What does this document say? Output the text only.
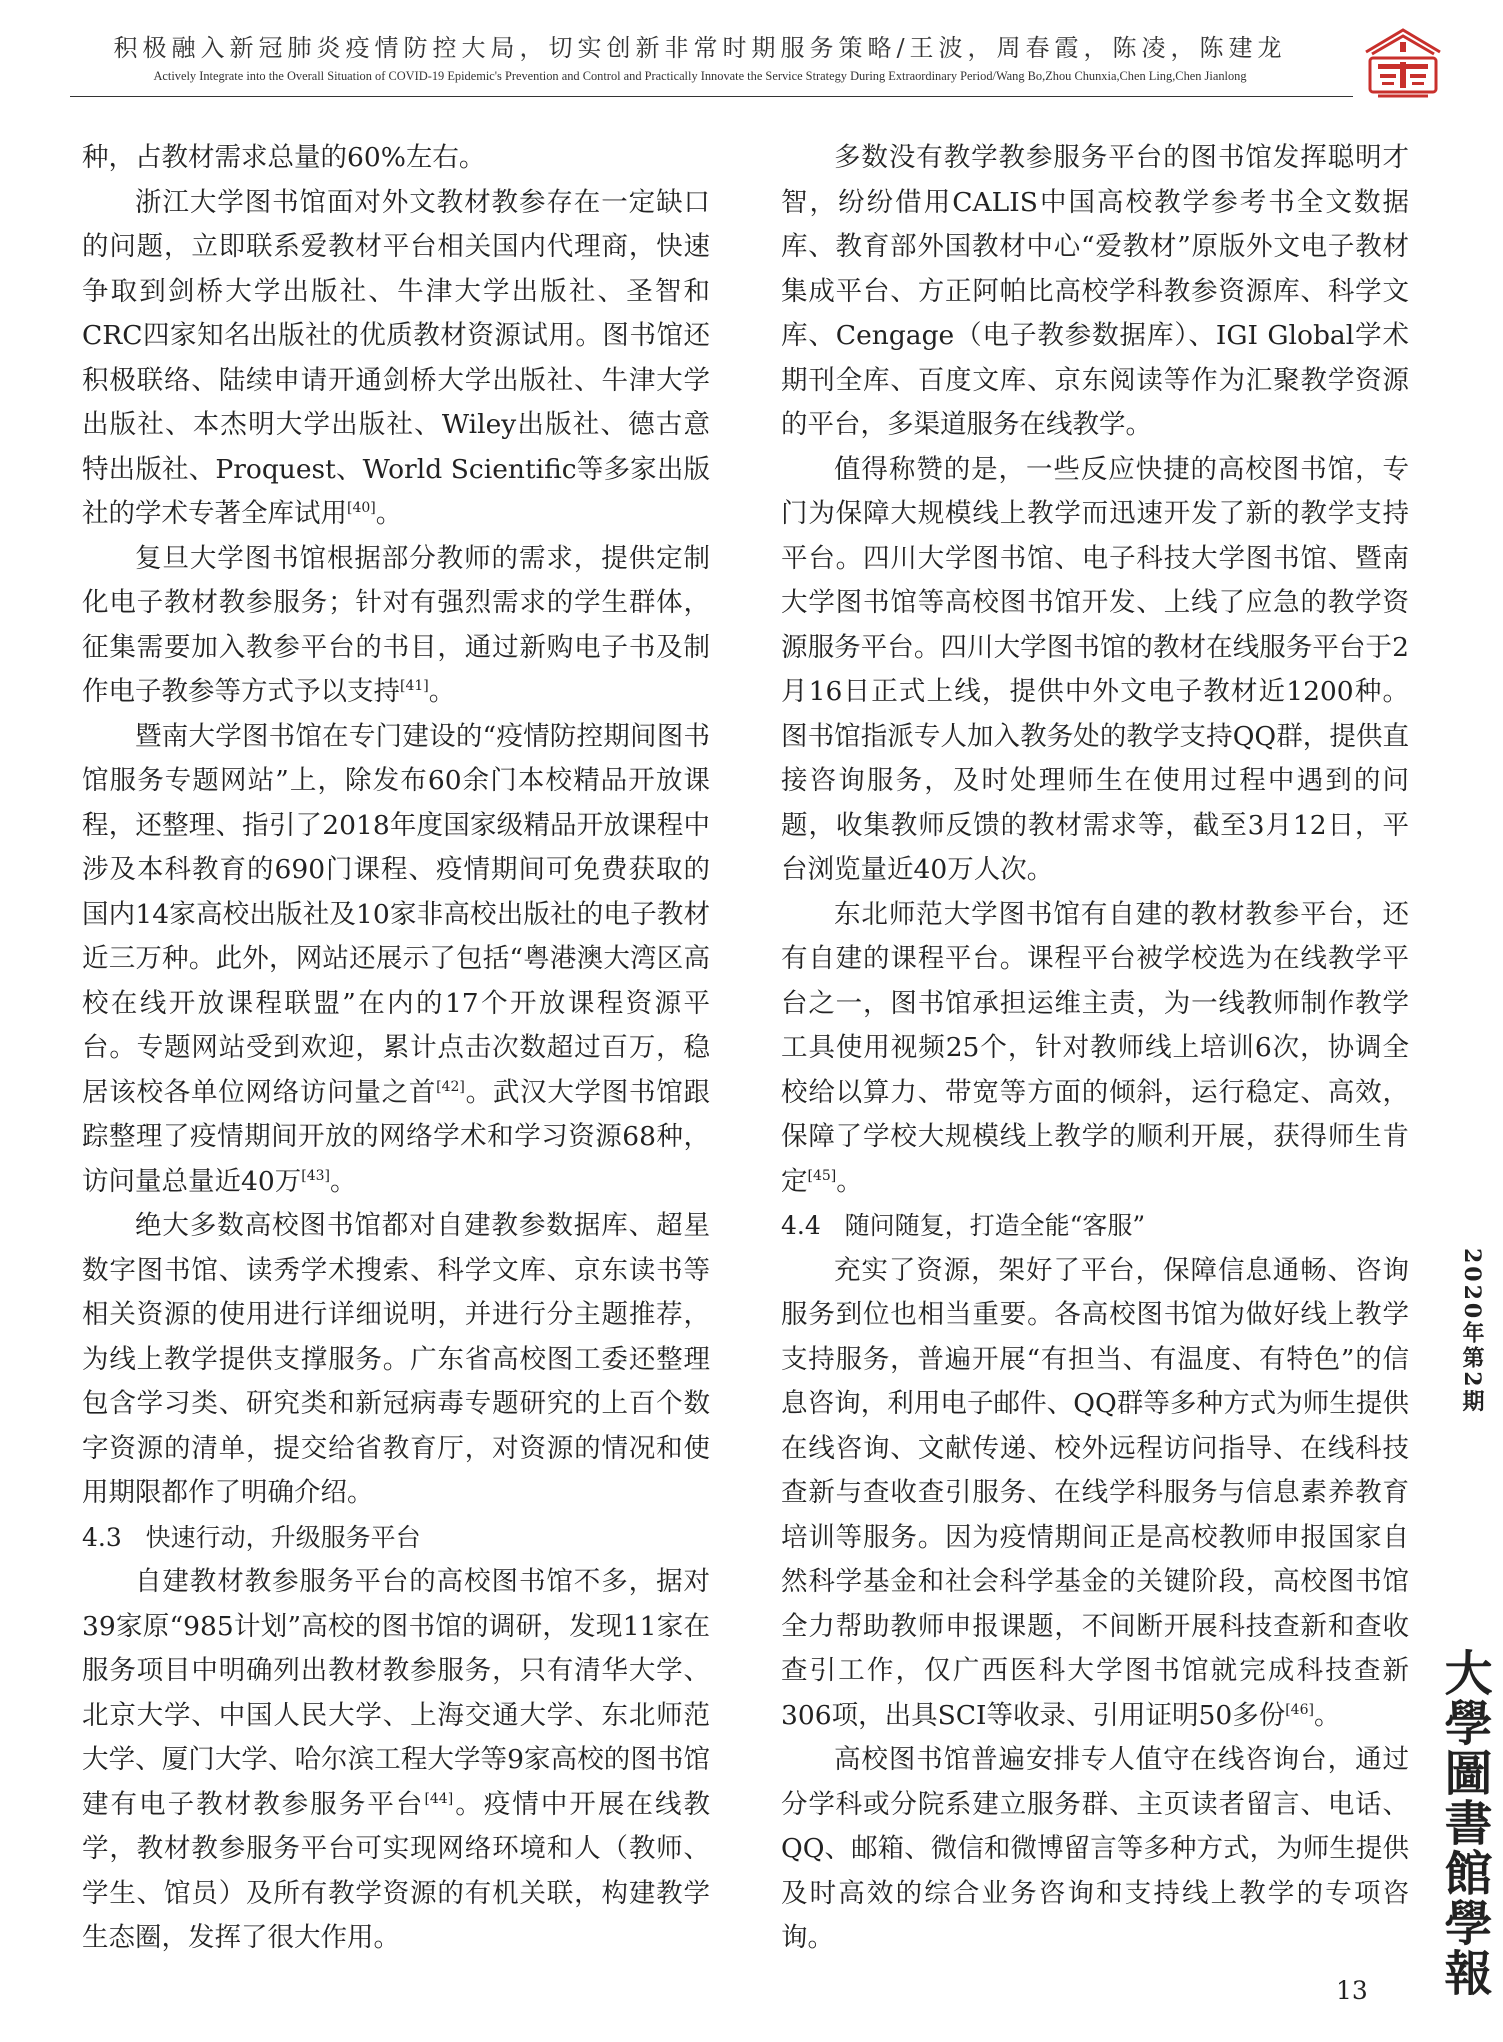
积极融入新冠肺炎疫情防控大局，切实创新非常时期服务策略/王波，周春霞，陈凌，陈建龙
Actively Integrate into the Overall Situation of COVID-19 Epidemic's Prevention and Control and Practically Innovate the Service Strategy During Extraordinary Period/Wang Bo,Zhou Chunxia,Chen Ling,Chen Jianlong

种，占教材需求总量的60%左右。

浙江大学图书馆面对外文教材教参存在一定缺口的问题，立即联系爱教材平台相关国内代理商，快速争取到剑桥大学出版社、牛津大学出版社、圣智和CRC四家知名出版社的优质教材资源试用。图书馆还积极联络、陆续申请开通剑桥大学出版社、牛津大学出版社、本杰明大学出版社、Wiley出版社、德古意特出版社、Proquest、World Scientific等多家出版社的学术专著全库试用[40]。

复旦大学图书馆根据部分教师的需求，提供定制化电子教材教参服务；针对有强烈需求的学生群体，征集需要加入教参平台的书目，通过新购电子书及制作电子教参等方式予以支持[41]。

暨南大学图书馆在专门建设的“疫情防控期间图书馆服务专题网站”上，除发布60余门本校精品开放课程，还整理、指引了2018年度国家级精品开放课程中涉及本科教育的690门课程、疫情期间可免费获取的国内14家高校出版社及10家非高校出版社的电子教材近三万种。此外，网站还展示了包括“粤港澳大湾区高校在线开放课程联盟”在内的17个开放课程资源平台。专题网站受到欢迎，累计点击次数超过百万，稳居该校各单位网络访问量之首[42]。武汉大学图书馆跟踪整理了疫情期间开放的网络学术和学习资源68种，访问量总量近40万[43]。

绝大多数高校图书馆都对自建教参数据库、超星数字图书馆、读秀学术搜索、科学文库、京东读书等相关资源的使用进行详细说明，并进行分主题推荐，为线上教学提供支撑服务。广东省高校图工委还整理包含学习类、研究类和新冠病毒专题研究的上百个数字资源的清单，提交给省教育厅，对资源的情况和使用期限都作了明确介绍。

4.3 快速行动，升级服务平台

自建教材教参服务平台的高校图书馆不多，据对39家原“985计划”高校的图书馆的调研，发现11家在服务项目中明确列出教材教参服务，只有清华大学、北京大学、中国人民大学、上海交通大学、东北师范大学、厦门大学、哈尔滨工程大学等9家高校的图书馆建有电子教材教参服务平台[44]。疫情中开展在线教学，教材教参服务平台可实现网络环境和人（教师、学生、馆员）及所有教学资源的有机关联，构建教学生态圈，发挥了很大作用。

多数没有教学教参服务平台的图书馆发挥聪明才智，纷纷借用CALIS中国高校教学参考书全文数据库、教育部外国教材中心“爱教材”原版外文电子教材集成平台、方正阿帕比高校学科教参资源库、科学文库、Cengage（电子教参数据库）、IGI Global学术期刊全库、百度文库、京东阅读等作为汇聚教学资源的平台，多渠道服务在线教学。

值得称赞的是，一些反应快捷的高校图书馆，专门为保障大规模线上教学而迅速开发了新的教学支持平台。四川大学图书馆、电子科技大学图书馆、暨南大学图书馆等高校图书馆开发、上线了应急的教学资源服务平台。四川大学图书馆的教材在线服务平台于2月16日正式上线，提供中外文电子教材近1200种。图书馆指派专人加入教务处的教学支持QQ群，提供直接咨询服务，及时处理师生在使用过程中遇到的问题，收集教师反馈的教材需求等，截至3月12日，平台浏览量近40万人次。

东北师范大学图书馆有自建的教材教参平台，还有自建的课程平台。课程平台被学校选为在线教学平台之一，图书馆承担运维主责，为一线教师制作教学工具使用视频25个，针对教师线上培训6次，协调全校给以算力、带宽等方面的倾斜，运行稳定、高效，保障了学校大规模线上教学的顺利开展，获得师生肯定[45]。

4.4 随问随复，打造全能“客服”

充实了资源，架好了平台，保障信息通畅、咨询服务到位也相当重要。各高校图书馆为做好线上教学支持服务，普遍开展“有担当、有温度、有特色”的信息咨询，利用电子邮件、QQ群等多种方式为师生提供在线咨询、文献传递、校外远程访问指导、在线科技查新与查收查引服务、在线学科服务与信息素养教育培训等服务。因为疫情期间正是高校教师申报国家自然科学基金和社会科学基金的关键阶段，高校图书馆全力帮助教师申报课题，不间断开展科技查新和查收查引工作，仅广西医科大学图书馆就完成科技查新306项，出具SCI等收录、引用证明50多份[46]。

高校图书馆普遍安排专人值守在线咨询台，通过分学科或分院系建立服务群、主页读者留言、电话、QQ、邮箱、微信和微博留言等多种方式，为师生提供及时高效的综合业务咨询和支持线上教学的专项咨询。

2020年第2期
大學圖書館學報
13
